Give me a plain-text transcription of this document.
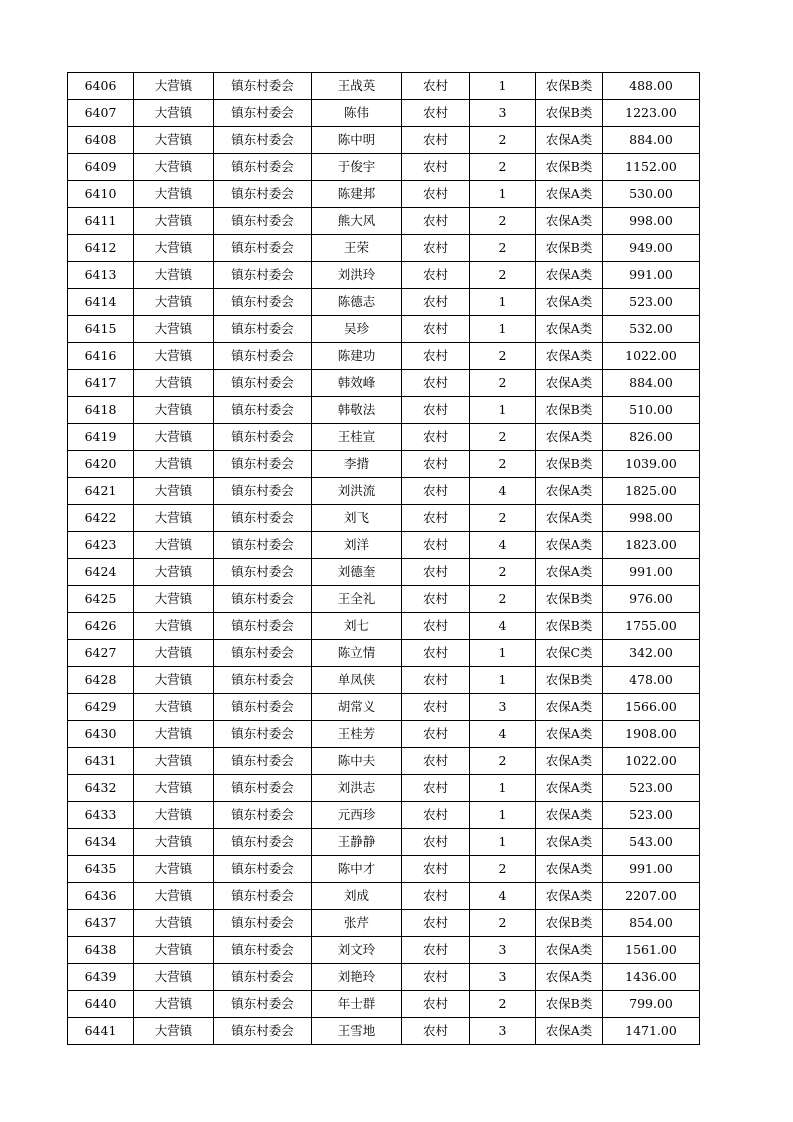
6406	大营镇	镇东村委会	王战英	农村	1	农保B类	488.00
6407	大营镇	镇东村委会	陈伟	农村	3	农保B类	1223.00
6408	大营镇	镇东村委会	陈中明	农村	2	农保A类	884.00
6409	大营镇	镇东村委会	于俊宇	农村	2	农保B类	1152.00
6410	大营镇	镇东村委会	陈建邦	农村	1	农保A类	530.00
6411	大营镇	镇东村委会	熊大风	农村	2	农保A类	998.00
6412	大营镇	镇东村委会	王荣	农村	2	农保B类	949.00
6413	大营镇	镇东村委会	刘洪玲	农村	2	农保A类	991.00
6414	大营镇	镇东村委会	陈德志	农村	1	农保A类	523.00
6415	大营镇	镇东村委会	吴珍	农村	1	农保A类	532.00
6416	大营镇	镇东村委会	陈建功	农村	2	农保A类	1022.00
6417	大营镇	镇东村委会	韩效峰	农村	2	农保A类	884.00
6418	大营镇	镇东村委会	韩敬法	农村	1	农保B类	510.00
6419	大营镇	镇东村委会	王桂宣	农村	2	农保A类	826.00
6420	大营镇	镇东村委会	李揹	农村	2	农保B类	1039.00
6421	大营镇	镇东村委会	刘洪流	农村	4	农保A类	1825.00
6422	大营镇	镇东村委会	刘飞	农村	2	农保A类	998.00
6423	大营镇	镇东村委会	刘洋	农村	4	农保A类	1823.00
6424	大营镇	镇东村委会	刘德奎	农村	2	农保A类	991.00
6425	大营镇	镇东村委会	王全礼	农村	2	农保B类	976.00
6426	大营镇	镇东村委会	刘七	农村	4	农保B类	1755.00
6427	大营镇	镇东村委会	陈立情	农村	1	农保C类	342.00
6428	大营镇	镇东村委会	单凤侠	农村	1	农保B类	478.00
6429	大营镇	镇东村委会	胡常义	农村	3	农保A类	1566.00
6430	大营镇	镇东村委会	王桂芳	农村	4	农保A类	1908.00
6431	大营镇	镇东村委会	陈中夫	农村	2	农保A类	1022.00
6432	大营镇	镇东村委会	刘洪志	农村	1	农保A类	523.00
6433	大营镇	镇东村委会	元西珍	农村	1	农保A类	523.00
6434	大营镇	镇东村委会	王静静	农村	1	农保A类	543.00
6435	大营镇	镇东村委会	陈中才	农村	2	农保A类	991.00
6436	大营镇	镇东村委会	刘成	农村	4	农保A类	2207.00
6437	大营镇	镇东村委会	张芹	农村	2	农保B类	854.00
6438	大营镇	镇东村委会	刘文玲	农村	3	农保A类	1561.00
6439	大营镇	镇东村委会	刘艳玲	农村	3	农保A类	1436.00
6440	大营镇	镇东村委会	年士群	农村	2	农保B类	799.00
6441	大营镇	镇东村委会	王雪地	农村	3	农保A类	1471.00
